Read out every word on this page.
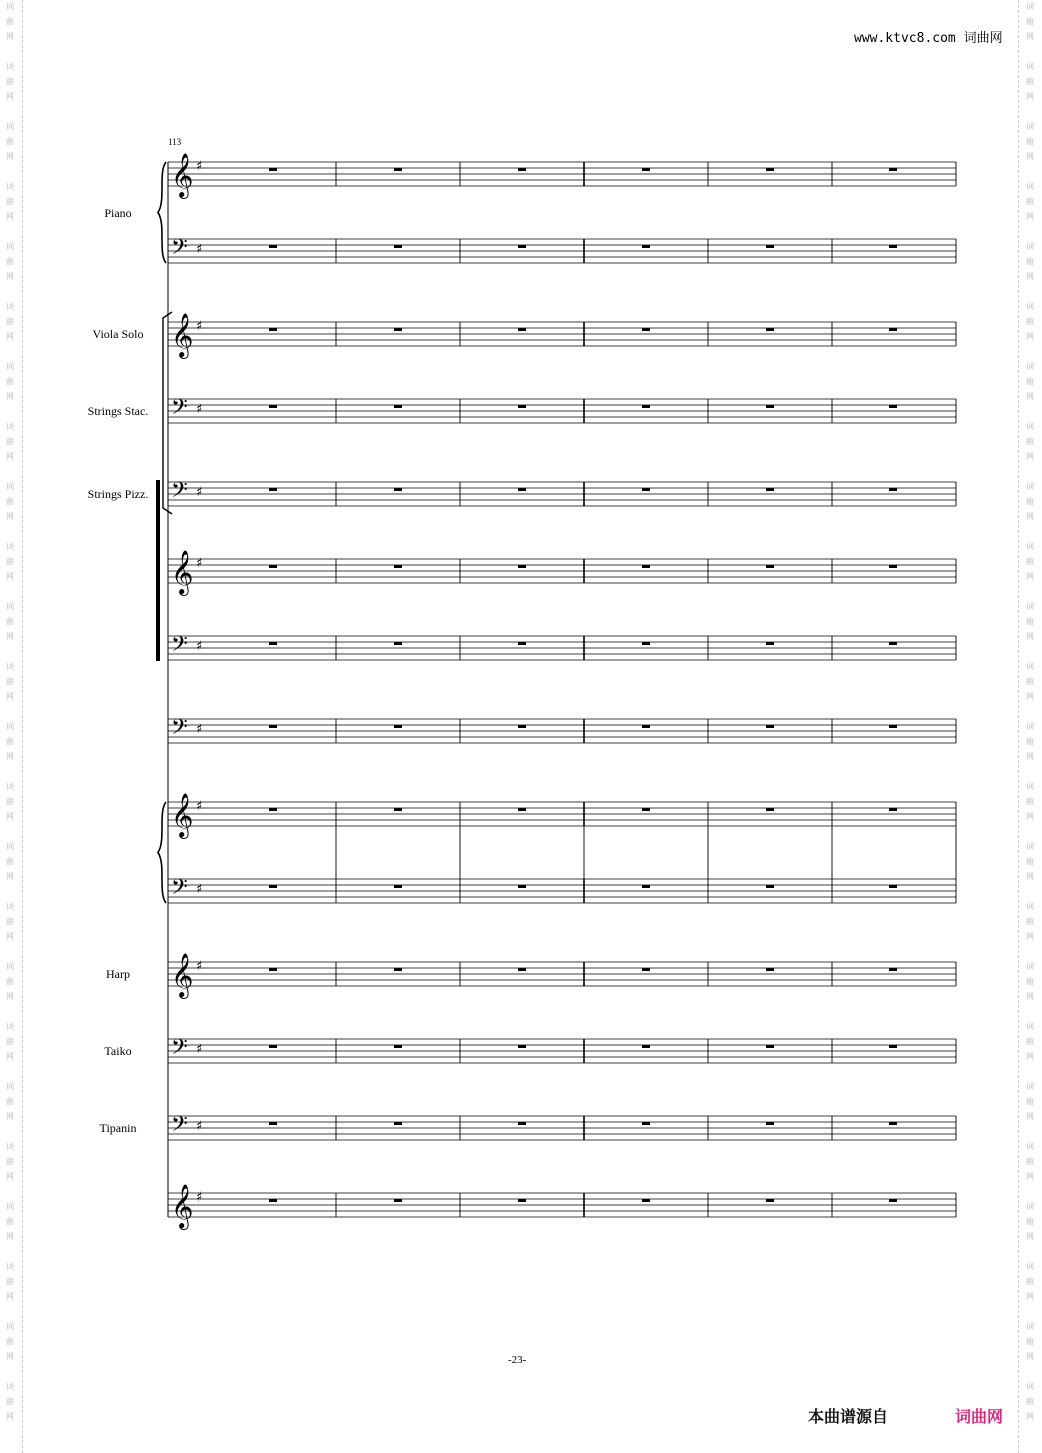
词
曲
网
词
曲
网
词
曲
网
词
曲
网
词
曲
网
词
曲
网
词
曲
网
词
曲
网
词
曲
网
词
曲
网
词
曲
网
词
曲
网
词
曲
网
词
曲
网
词
曲
网
词
曲
网
词
曲
网
词
曲
网
词
曲
网
词
曲
网
词
曲
网
词
曲
网
词
曲
网
词
曲
网
词
曲
网
词
曲
网
词
曲
网
词
曲
网
词
曲
网
词
曲
网
词
曲
网
词
曲
网
词
曲
网
词
曲
网
词
曲
网
词
曲
网
词
曲
网
词
曲
网
词
曲
网
词
曲
网
词
曲
网
词
曲
网
词
曲
网
词
曲
网
词
曲
网
词
曲
网
词
曲
网
词
曲
网
www.ktvc8.com 词曲网
113
𝄞 ♯
𝄢 ♯
𝄞 ♯
𝄢 ♯
𝄢 ♯
𝄞 ♯
𝄢 ♯
𝄢 ♯
𝄞 ♯
𝄢 ♯
𝄞 ♯
𝄢 ♯
𝄢 ♯
𝄞 ♯
Piano
Viola Solo
Strings Stac.
Strings Pizz.
Harp
Taiko
Tipanin
-23-
本曲谱源自	词曲网
